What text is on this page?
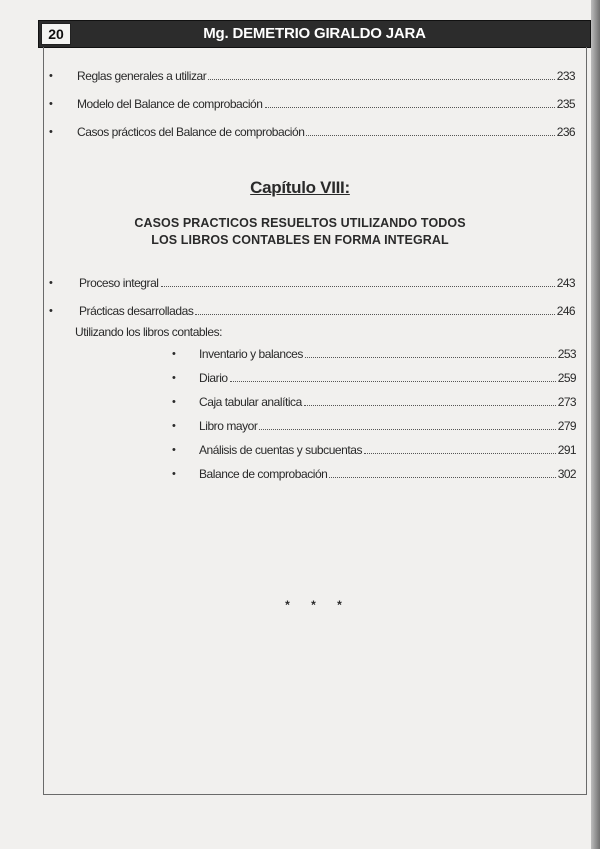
20	Mg. DEMETRIO GIRALDO JARA
• Reglas generales a utilizar	233
• Modelo del Balance de comprobación	235
• Casos prácticos del Balance de comprobación	236
Capítulo VIII:
CASOS PRACTICOS RESUELTOS UTILIZANDO TODOS
LOS LIBROS CONTABLES EN FORMA INTEGRAL
• Proceso integral	243
• Prácticas desarrolladas	246
Utilizando los libros contables:
• Inventario y balances	253
• Diario	259
• Caja tabular analítica	273
• Libro mayor	279
• Análisis de cuentas y subcuentas	291
• Balance de comprobación	302
* * *
